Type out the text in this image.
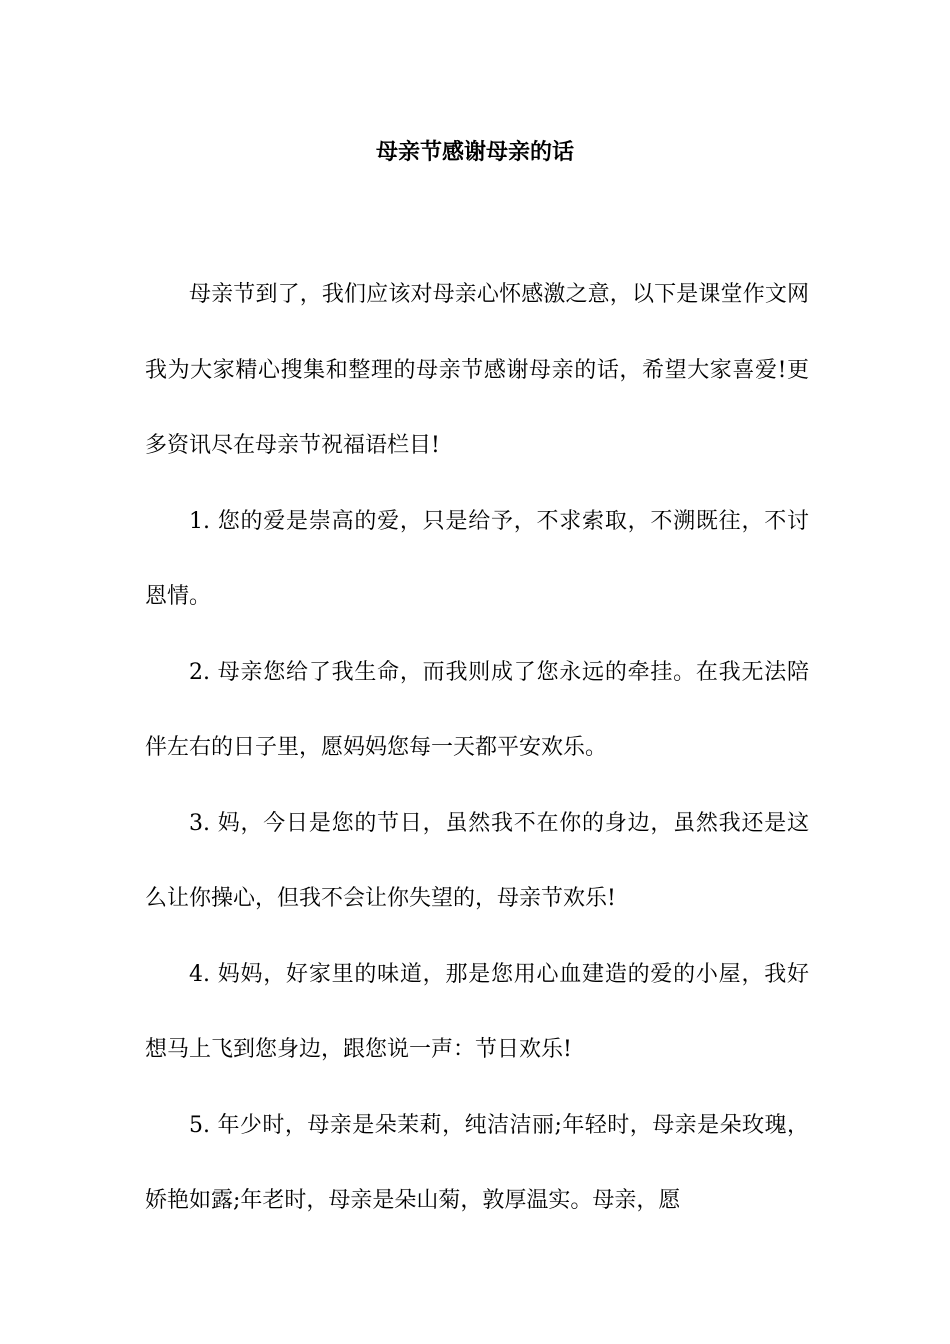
母亲节感谢母亲的话

母亲节到了，我们应该对母亲心怀感激之意，以下是课堂作文网我为大家精心搜集和整理的母亲节感谢母亲的话，希望大家喜爱!更多资讯尽在母亲节祝福语栏目!

1. 您的爱是崇高的爱，只是给予，不求索取，不溯既往，不讨恩情。

2. 母亲您给了我生命，而我则成了您永远的牵挂。在我无法陪伴左右的日子里，愿妈妈您每一天都平安欢乐。

3. 妈，今日是您的节日，虽然我不在你的身边，虽然我还是这么让你操心，但我不会让你失望的，母亲节欢乐!

4. 妈妈，好家里的味道，那是您用心血建造的爱的小屋，我好想马上飞到您身边，跟您说一声：节日欢乐!

5. 年少时，母亲是朵茉莉，纯洁洁丽;年轻时，母亲是朵玫瑰，娇艳如露;年老时，母亲是朵山菊，敦厚温实。母亲，愿
